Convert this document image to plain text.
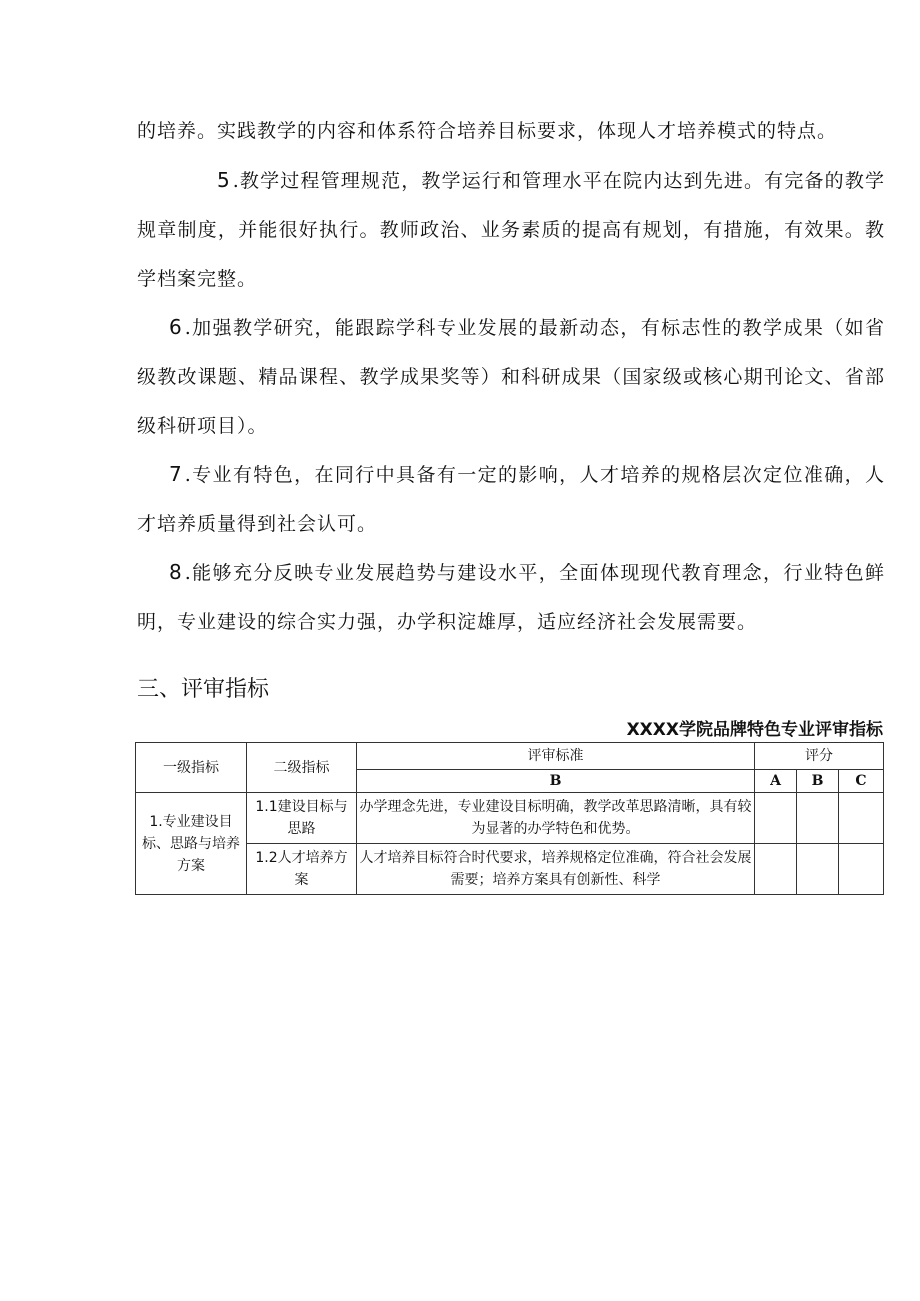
的培养。实践教学的内容和体系符合培养目标要求，体现人才培养模式的特点。

5 .教学过程管理规范，教学运行和管理水平在院内达到先进。有完备的教学规章制度，并能很好执行。教师政治、业务素质的提高有规划，有措施，有效果。教学档案完整。

6 .加强教学研究，能跟踪学科专业发展的最新动态，有标志性的教学成果（如省级教改课题、精品课程、教学成果奖等）和科研成果（国家级或核心期刊论文、省部级科研项目）。

7 .专业有特色，在同行中具备有一定的影响，人才培养的规格层次定位准确，人才培养质量得到社会认可。

8 .能够充分反映专业发展趋势与建设水平，全面体现现代教育理念，行业特色鲜明，专业建设的综合实力强，办学积淀雄厚，适应经济社会发展需要。

三、评审指标
XXXX学院品牌特色专业评审指标
一级指标	二级指标	评审标准	评分		
		B	A	B	C
1.专业建设目标、思路与培养方案	1.1建设目标与思路	办学理念先进，专业建设目标明确，教学改革思路清晰，具有较为显著的办学特色和优势。			
	1.2人才培养方案	人才培养目标符合时代要求，培养规格定位准确，符合社会发展需要；培养方案具有创新性、科学			
